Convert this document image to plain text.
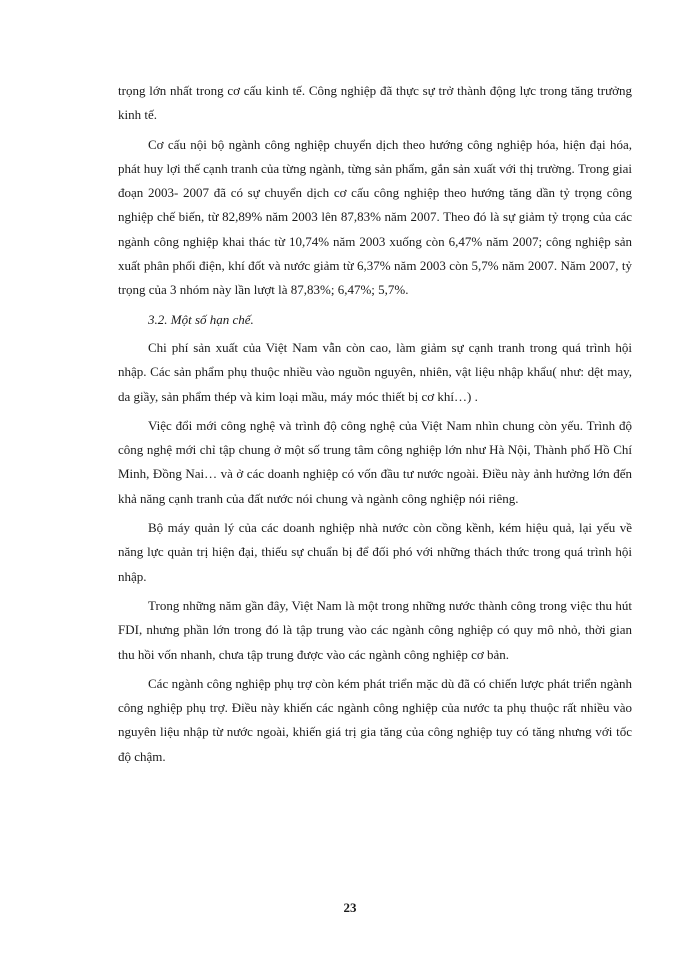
trọng lớn nhất trong cơ cấu kinh tế. Công nghiệp đã thực sự trở thành động lực trong tăng trưởng kinh tế.

Cơ cấu nội bộ ngành công nghiệp chuyển dịch theo hướng công nghiệp hóa, hiện đại hóa, phát huy lợi thế cạnh tranh của từng ngành, từng sản phẩm, gắn sản xuất với thị trường. Trong giai đoạn 2003- 2007 đã có sự chuyển dịch cơ cấu công nghiệp theo hướng tăng dần tỷ trọng công nghiệp chế biến, từ 82,89% năm 2003 lên 87,83% năm 2007. Theo đó là sự giảm tỷ trọng của các ngành công nghiệp khai thác từ 10,74% năm 2003 xuống còn 6,47% năm 2007; công nghiệp sản xuất phân phối điện, khí đốt và nước giảm từ 6,37% năm 2003 còn 5,7% năm 2007. Năm 2007, tỷ trọng của 3 nhóm này lần lượt là 87,83%; 6,47%; 5,7%.

3.2. Một số hạn chế.

Chi phí sản xuất của Việt Nam vẫn còn cao, làm giảm sự cạnh tranh trong quá trình hội nhập. Các sản phẩm phụ thuộc nhiều vào nguồn nguyên, nhiên, vật liệu nhập khẩu( như: dệt may, da giầy, sản phẩm thép và kim loại mầu, máy móc thiết bị cơ khí…) .

Việc đổi mới công nghệ và trình độ công nghệ của Việt Nam nhìn chung còn yếu. Trình độ công nghệ mới chỉ tập chung ở một số trung tâm công nghiệp lớn như Hà Nội, Thành phố Hồ Chí Minh, Đồng Nai… và ở các doanh nghiệp có vốn đầu tư nước ngoài. Điều này ảnh hưởng lớn đến khả năng cạnh tranh của đất nước nói chung và ngành công nghiệp nói riêng.

Bộ máy quản lý của các doanh nghiệp nhà nước còn cồng kềnh, kém hiệu quả, lại yếu về năng lực quản trị hiện đại, thiếu sự chuẩn bị để đối phó với những thách thức trong quá trình hội nhập.

Trong những năm gần đây, Việt Nam là một trong những nước thành công trong việc thu hút FDI, nhưng phần lớn trong đó là tập trung vào các ngành công nghiệp có quy mô nhỏ, thời gian thu hồi vốn nhanh, chưa tập trung được vào các ngành công nghiệp cơ bản.

Các ngành công nghiệp phụ trợ còn kém phát triển mặc dù đã có chiến lược phát triển ngành công nghiệp phụ trợ. Điều này khiến các ngành công nghiệp của nước ta phụ thuộc rất nhiều vào nguyên liệu nhập từ nước ngoài, khiến giá trị gia tăng của công nghiệp tuy có tăng nhưng với tốc độ chậm.

23
